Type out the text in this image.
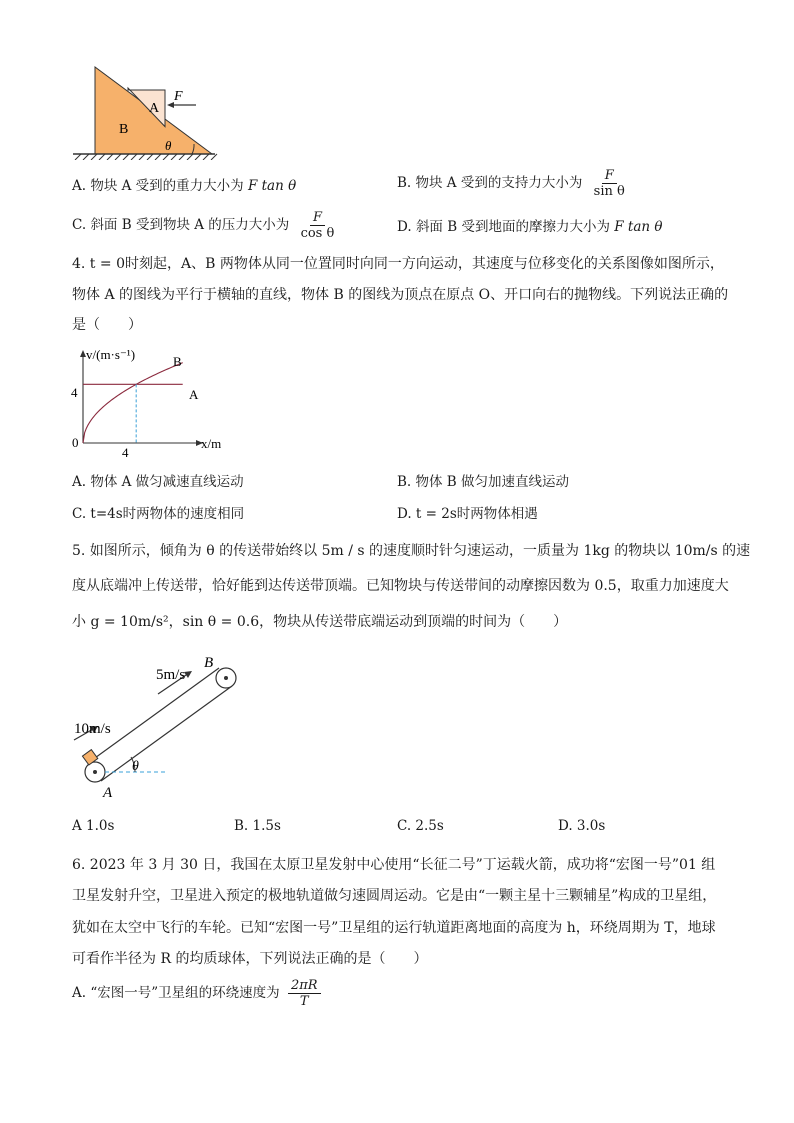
A
B
F
θ
A. 物块 A 受到的重力大小为 F tan θ	B. 物块 A 受到的支持力大小为 $\frac{F}{\text{sin θ}}$
C. 斜面 B 受到物块 A 的压力大小为 $\frac{F}{\text{cos θ}}$	D. 斜面 B 受到地面的摩擦力大小为 F tan θ
4. t = 0时刻起，A、B 两物体从同一位置同时向同一方向运动，其速度与位移变化的关系图像如图所示，
物体 A 的图线为平行于横轴的直线，物体 B 的图线为顶点在原点 O、开口向右的抛物线。下列说法正确的
是（　　）
v/(m·s⁻¹)
x/m
0
4
4	A
B
A. 物体 A 做匀减速直线运动	B. 物体 B 做匀加速直线运动
C. t=4s时两物体的速度相同	D. t = 2s时两物体相遇
5. 如图所示，倾角为 θ 的传送带始终以 5m / s 的速度顺时针匀速运动，一质量为 1kg 的物块以 10m/s 的速
度从底端冲上传送带，恰好能到达传送带顶端。已知物块与传送带间的动摩擦因数为 0.5，取重力加速度大
小 g = 10m/s²，sin θ = 0.6，物块从传送带底端运动到顶端的时间为（　　）
5m/s
10m/s
B
A
θ
A 1.0s	B. 1.5s	C. 2.5s	D. 3.0s
6. 2023 年 3 月 30 日，我国在太原卫星发射中心使用“长征二号”丁运载火箭，成功将“宏图一号”01 组
卫星发射升空，卫星进入预定的极地轨道做匀速圆周运动。它是由“一颗主星十三颗辅星”构成的卫星组，
犹如在太空中飞行的车轮。已知“宏图一号”卫星组的运行轨道距离地面的高度为 h，环绕周期为 T，地球
可看作半径为 R 的均质球体，下列说法正确的是（　　）
A. “宏图一号”卫星组的环绕速度为 $\frac{2\pi R}{T}$
